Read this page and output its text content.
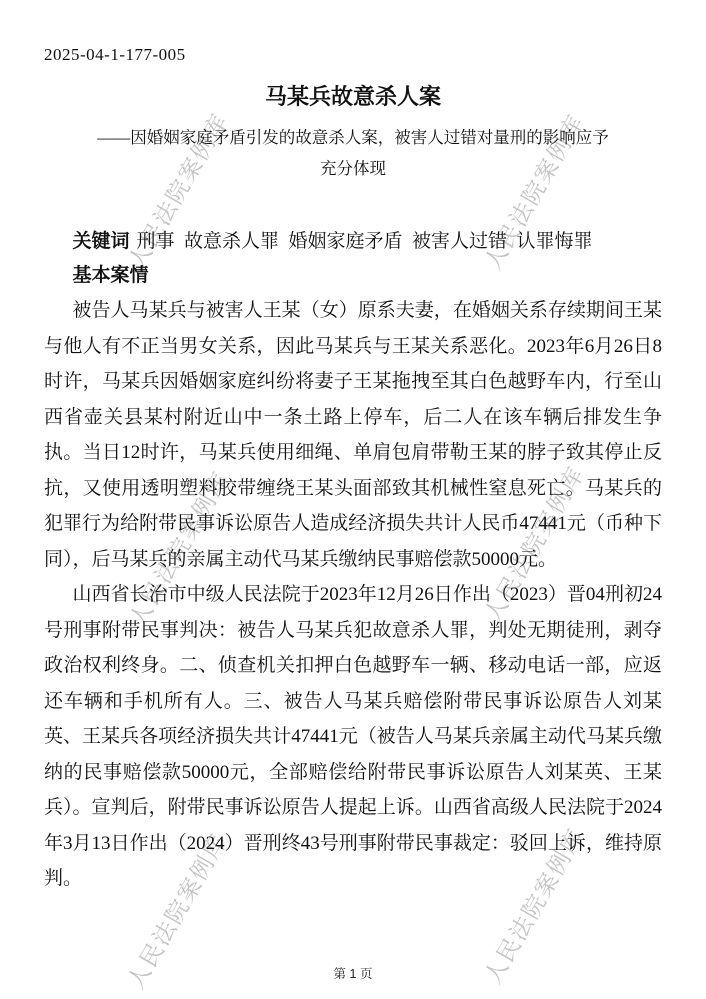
人民法院案例库	人民法院案例库
人民法院案例库	人民法院案例库
人民法院案例库	人民法院案例库
2025-04-1-177-005
马某兵故意杀人案
——因婚姻家庭矛盾引发的故意杀人案，被害人过错对量刑的影响应予
充分体现
关键词 刑事  故意杀人罪  婚姻家庭矛盾  被害人过错  认罪悔罪
基本案情

被告人马某兵与被害人王某（女）原系夫妻，在婚姻关系存续期间王某与他人有不正当男女关系，因此马某兵与王某关系恶化。2023年6月26日8时许，马某兵因婚姻家庭纠纷将妻子王某拖拽至其白色越野车内，行至山西省壶关县某村附近山中一条土路上停车，后二人在该车辆后排发生争执。当日12时许，马某兵使用细绳、单肩包肩带勒王某的脖子致其停止反抗，又使用透明塑料胶带缠绕王某头面部致其机械性窒息死亡。马某兵的犯罪行为给附带民事诉讼原告人造成经济损失共计人民币47441元（币种下同），后马某兵的亲属主动代马某兵缴纳民事赔偿款50000元。

山西省长治市中级人民法院于2023年12月26日作出（2023）晋04刑初24号刑事附带民事判决：被告人马某兵犯故意杀人罪，判处无期徒刑，剥夺政治权利终身。二、侦查机关扣押白色越野车一辆、移动电话一部，应返还车辆和手机所有人。三、被告人马某兵赔偿附带民事诉讼原告人刘某英、王某兵各项经济损失共计47441元（被告人马某兵亲属主动代马某兵缴纳的民事赔偿款50000元，全部赔偿给附带民事诉讼原告人刘某英、王某兵）。宣判后，附带民事诉讼原告人提起上诉。山西省高级人民法院于2024年3月13日作出（2024）晋刑终43号刑事附带民事裁定：驳回上诉，维持原判。

第 1 页
